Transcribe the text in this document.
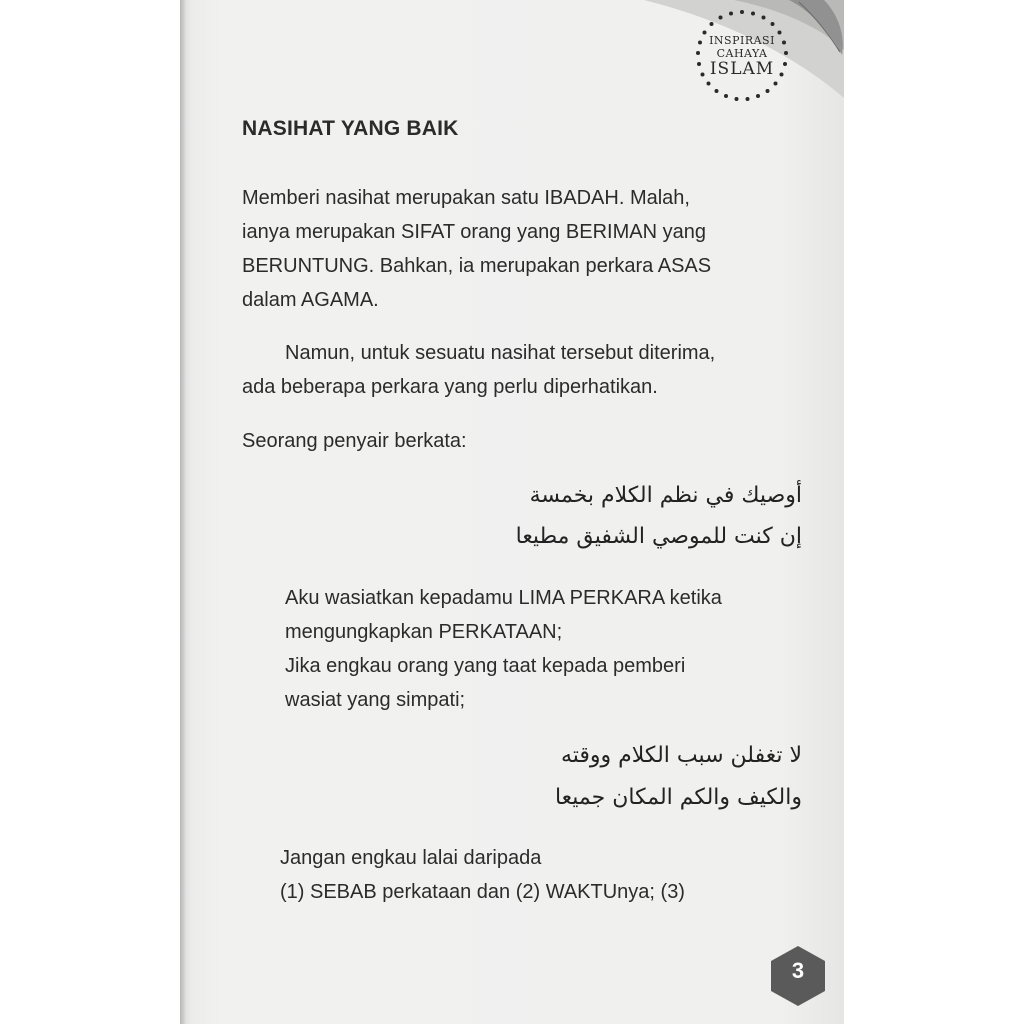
INSPIRASI
CAHAYA
ISLAM
NASIHAT YANG BAIK

Memberi nasihat merupakan satu IBADAH. Malah,

ianya merupakan SIFAT orang yang BERIMAN yang

BERUNTUNG. Bahkan, ia merupakan perkara ASAS

dalam AGAMA.

Namun, untuk sesuatu nasihat tersebut diterima,

ada beberapa perkara yang perlu diperhatikan.

Seorang penyair berkata:

أوصيك في نظم الكلام بخمسة

إن كنت للموصي الشفيق مطيعا

Aku wasiatkan kepadamu LIMA PERKARA ketika

mengungkapkan PERKATAAN;

Jika engkau orang yang taat kepada pemberi

wasiat yang simpati;

لا تغفلن سبب الكلام ووقته

والكيف والكم المكان جميعا

Jangan engkau lalai daripada

(1) SEBAB perkataan dan (2) WAKTUnya; (3)

3
